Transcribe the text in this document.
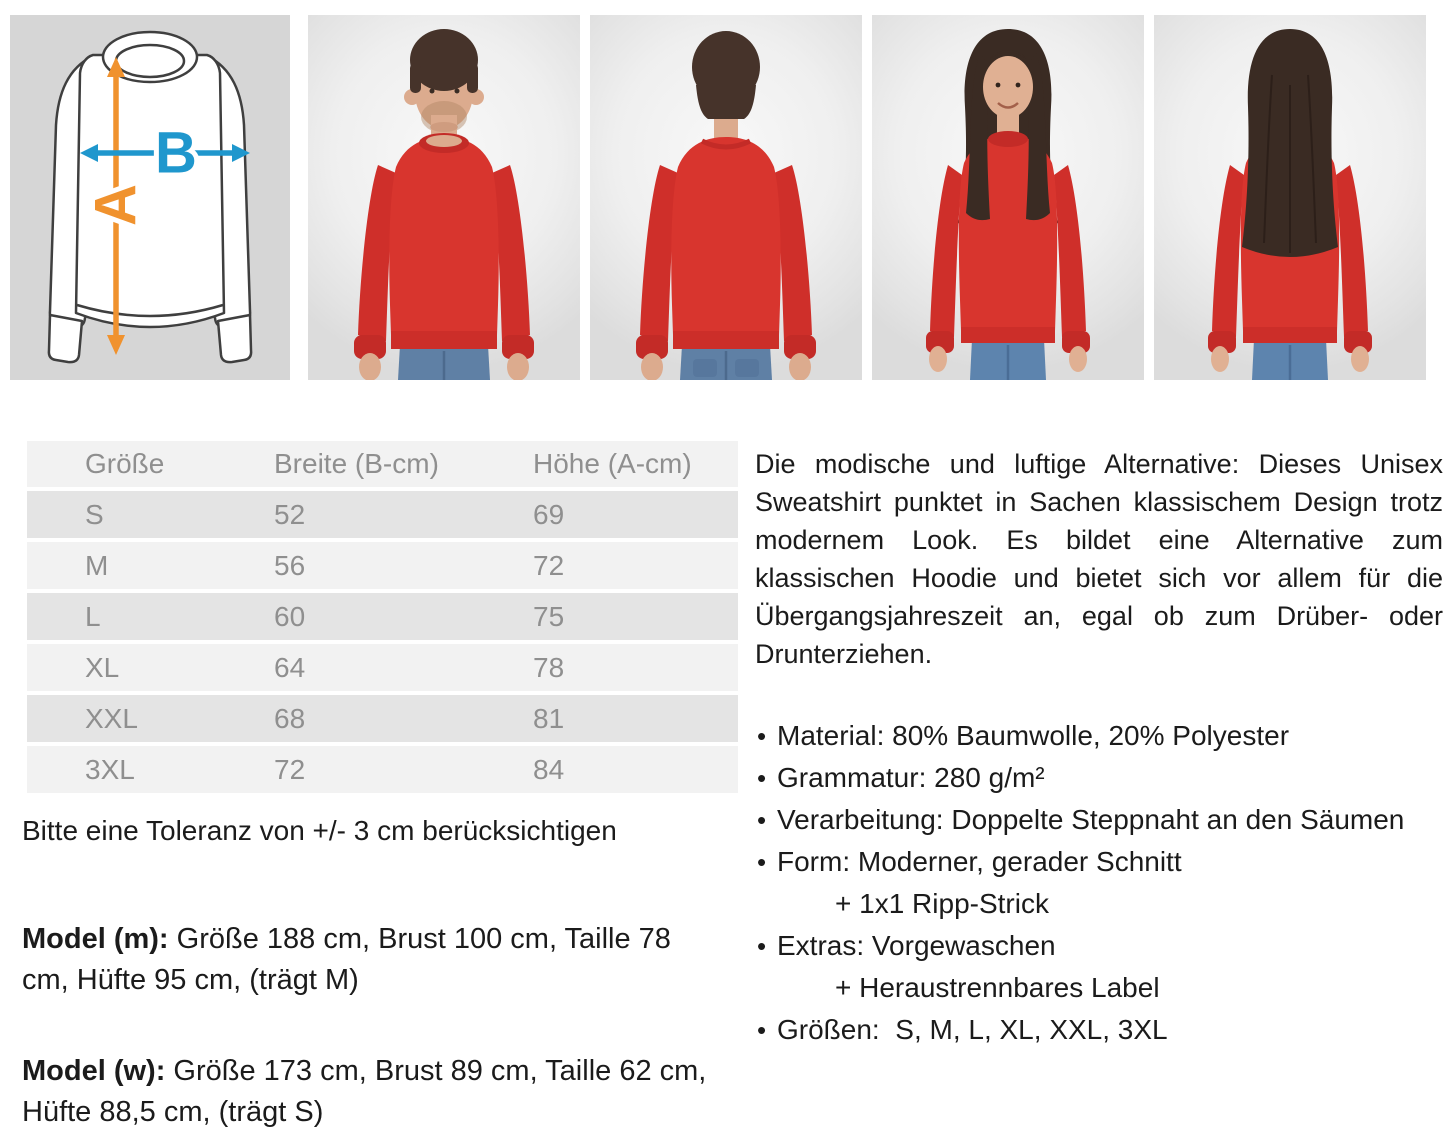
A
B
Größe	Breite (B-cm)	Höhe (A-cm)
S	52	69
M	56	72
L	60	75
XL	64	78
XXL	68	81
3XL	72	84

Bitte eine Toleranz von +/- 3 cm berücksichtigen

Model (m): Größe 188 cm, Brust 100 cm, Taille 78 cm, Hüfte 95 cm, (trägt M)

Model (w): Größe 173 cm, Brust 89 cm, Taille 62 cm, Hüfte 88,5 cm, (trägt S)

Die modische und luftige Alternative: Dieses Unisex Sweatshirt punktet in Sachen klassischem Design trotz modernem Look. Es bildet eine Alternative zum klassischen Hoodie und bietet sich vor allem für die Übergangsjahreszeit an, egal ob zum Drüber- oder Drunterziehen.

• Material: 80% Baumwolle, 20% Polyester
• Grammatur: 280 g/m²
• Verarbeitung: Doppelte Steppnaht an den Säumen
• Form: Moderner, gerader Schnitt
+ 1x1 Ripp-Strick
• Extras: Vorgewaschen
+ Heraustrennbares Label
• Größen:  S, M, L, XL, XXL, 3XL
